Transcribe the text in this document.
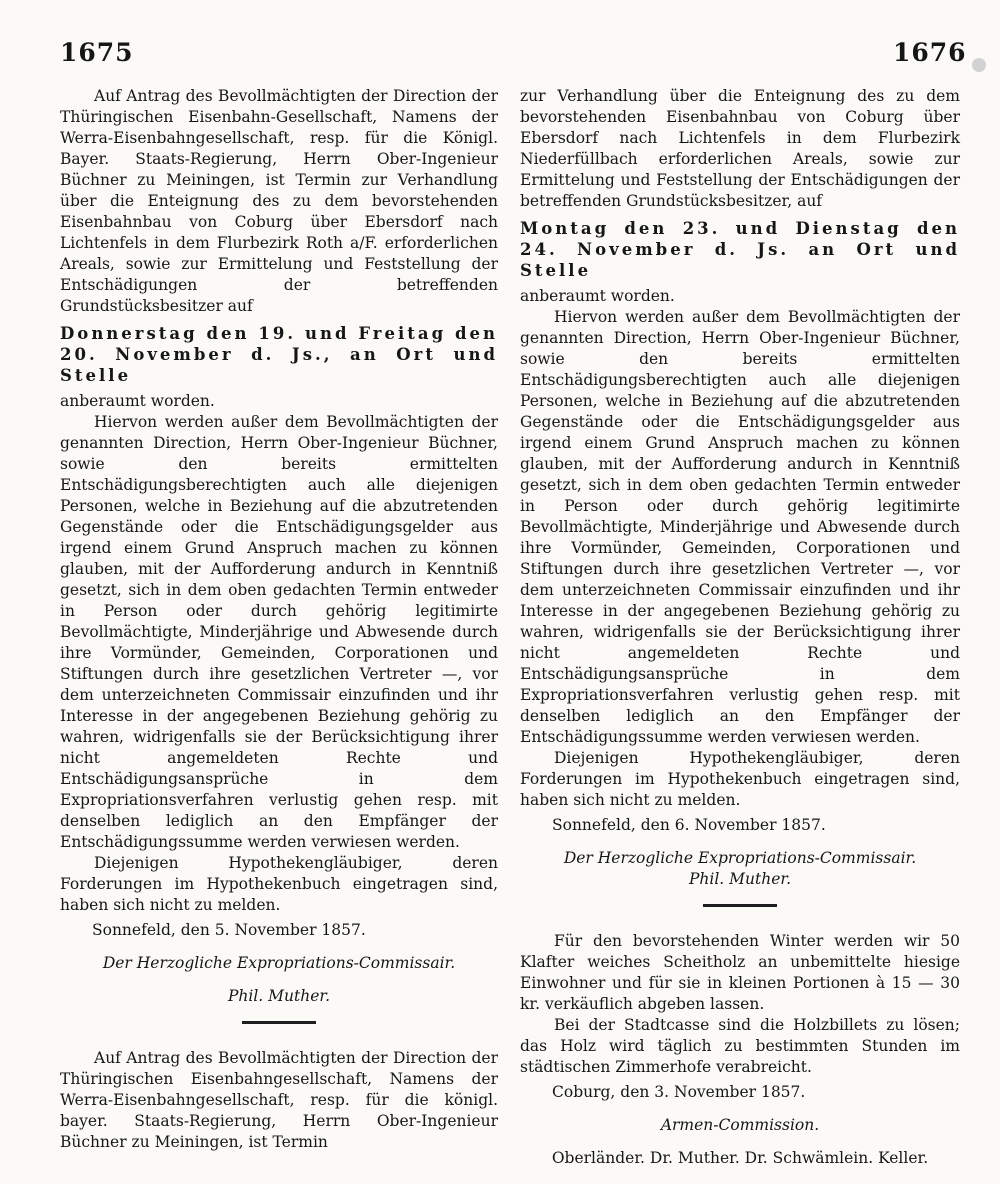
1675	1676

Auf Antrag des Bevollmächtigten der Direction der Thüringischen Eisenbahn-Gesellschaft, Namens der Werra-Eisenbahngesellschaft, resp. für die Königl. Bayer. Staats-Regierung, Herrn Ober-Ingenieur Büchner zu Meiningen, ist Termin zur Verhandlung über die Enteignung des zu dem bevorstehenden Eisenbahnbau von Coburg über Ebersdorf nach Lichtenfels in dem Flurbezirk Roth a/F. erforderlichen Areals, sowie zur Ermittelung und Feststellung der Entschädigungen der betreffenden Grundstücksbesitzer auf

Donnerstag den 19. und Freitag den 20. November d. Js., an Ort und Stelle

anberaumt worden.

Hiervon werden außer dem Bevollmächtigten der genannten Direction, Herrn Ober-Ingenieur Büchner, sowie den bereits ermittelten Entschädigungsberechtigten auch alle diejenigen Personen, welche in Beziehung auf die abzutretenden Gegenstände oder die Entschädigungsgelder aus irgend einem Grund Anspruch machen zu können glauben, mit der Aufforderung andurch in Kenntniß gesetzt, sich in dem oben gedachten Termin entweder in Person oder durch gehörig legitimirte Bevollmächtigte, Minderjährige und Abwesende durch ihre Vormünder, Gemeinden, Corporationen und Stiftungen durch ihre gesetzlichen Vertreter —, vor dem unterzeichneten Commissair einzufinden und ihr Interesse in der angegebenen Beziehung gehörig zu wahren, widrigenfalls sie der Berücksichtigung ihrer nicht angemeldeten Rechte und Entschädigungsansprüche in dem Expropriationsverfahren verlustig gehen resp. mit denselben lediglich an den Empfänger der Entschädigungssumme werden verwiesen werden.

Diejenigen Hypothekengläubiger, deren Forderungen im Hypothekenbuch eingetragen sind, haben sich nicht zu melden.

Sonnefeld, den 5. November 1857.

Der Herzogliche Expropriations-Commissair.

Phil. Muther.

Auf Antrag des Bevollmächtigten der Direction der Thüringischen Eisenbahngesellschaft, Namens der Werra-Eisenbahngesellschaft, resp. für die königl. bayer. Staats-Regierung, Herrn Ober-Ingenieur Büchner zu Meiningen, ist Termin

zur Verhandlung über die Enteignung des zu dem bevorstehenden Eisenbahnbau von Coburg über Ebersdorf nach Lichtenfels in dem Flurbezirk Niederfüllbach erforderlichen Areals, sowie zur Ermittelung und Feststellung der Entschädigungen der betreffenden Grundstücksbesitzer, auf

Montag den 23. und Dienstag den 24. November d. Js. an Ort und Stelle

anberaumt worden.

Hiervon werden außer dem Bevollmächtigten der genannten Direction, Herrn Ober-Ingenieur Büchner, sowie den bereits ermittelten Entschädigungsberechtigten auch alle diejenigen Personen, welche in Beziehung auf die abzutretenden Gegenstände oder die Entschädigungsgelder aus irgend einem Grund Anspruch machen zu können glauben, mit der Aufforderung andurch in Kenntniß gesetzt, sich in dem oben gedachten Termin entweder in Person oder durch gehörig legitimirte Bevollmächtigte, Minderjährige und Abwesende durch ihre Vormünder, Gemeinden, Corporationen und Stiftungen durch ihre gesetzlichen Vertreter —, vor dem unterzeichneten Commissair einzufinden und ihr Interesse in der angegebenen Beziehung gehörig zu wahren, widrigenfalls sie der Berücksichtigung ihrer nicht angemeldeten Rechte und Entschädigungsansprüche in dem Expropriationsverfahren verlustig gehen resp. mit denselben lediglich an den Empfänger der Entschädigungssumme werden verwiesen werden.

Diejenigen Hypothekengläubiger, deren Forderungen im Hypothekenbuch eingetragen sind, haben sich nicht zu melden.

Sonnefeld, den 6. November 1857.

Der Herzogliche Expropriations-Commissair.

Phil. Muther.

Für den bevorstehenden Winter werden wir 50 Klafter weiches Scheitholz an unbemittelte hiesige Einwohner und für sie in kleinen Portionen à 15 — 30 kr. verkäuflich abgeben lassen.

Bei der Stadtcasse sind die Holzbillets zu lösen; das Holz wird täglich zu bestimmten Stunden im städtischen Zimmerhofe verabreicht.

Coburg, den 3. November 1857.

Armen-Commission.

Oberländer. Dr. Muther. Dr. Schwämlein. Keller.
